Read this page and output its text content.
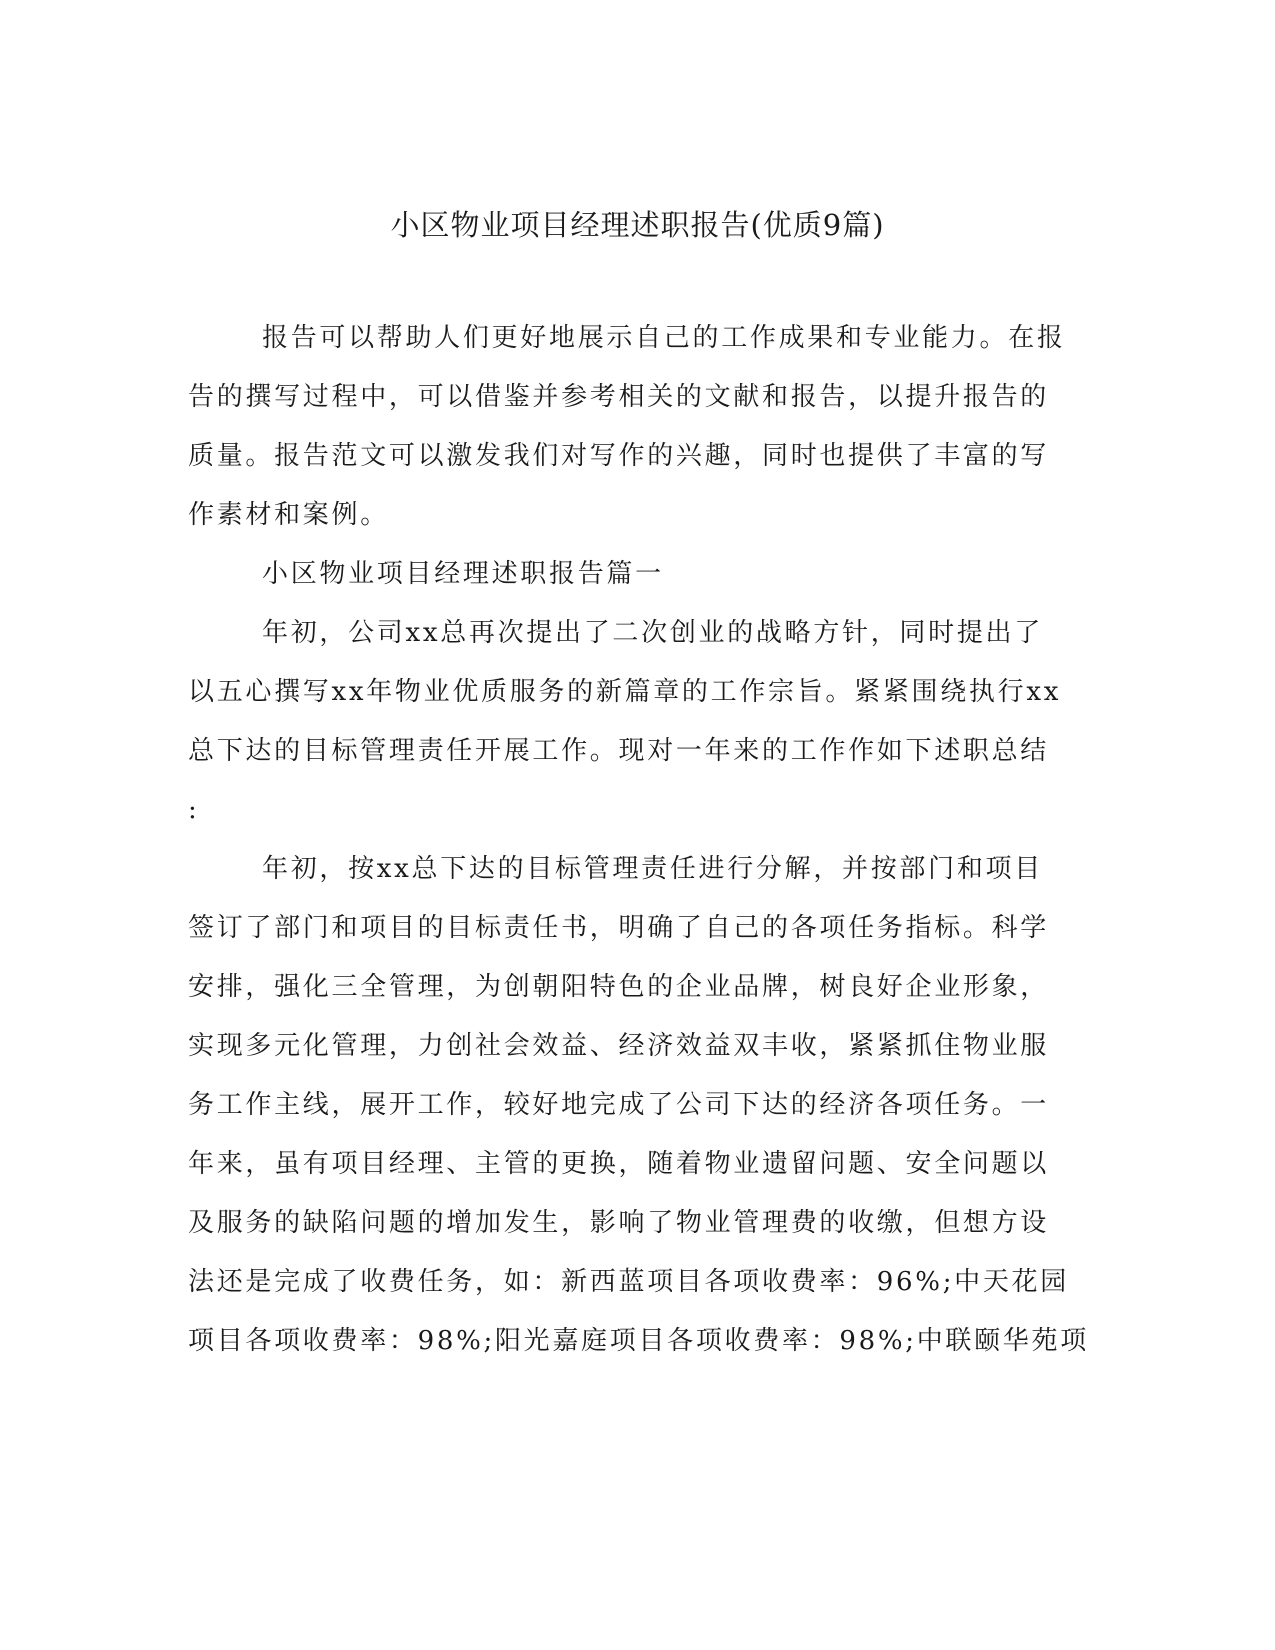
小区物业项目经理述职报告(优质9篇)
报告可以帮助人们更好地展示自己的工作成果和专业能力。在报
告的撰写过程中，可以借鉴并参考相关的文献和报告，以提升报告的
质量。报告范文可以激发我们对写作的兴趣，同时也提供了丰富的写
作素材和案例。
小区物业项目经理述职报告篇一
年初，公司xx总再次提出了二次创业的战略方针，同时提出了
以五心撰写xx年物业优质服务的新篇章的工作宗旨。紧紧围绕执行xx
总下达的目标管理责任开展工作。现对一年来的工作作如下述职总结
:
年初，按xx总下达的目标管理责任进行分解，并按部门和项目
签订了部门和项目的目标责任书，明确了自己的各项任务指标。科学
安排，强化三全管理，为创朝阳特色的企业品牌，树良好企业形象，
实现多元化管理，力创社会效益、经济效益双丰收，紧紧抓住物业服
务工作主线，展开工作，较好地完成了公司下达的经济各项任务。一
年来，虽有项目经理、主管的更换，随着物业遗留问题、安全问题以
及服务的缺陷问题的增加发生，影响了物业管理费的收缴，但想方设
法还是完成了收费任务，如：新西蓝项目各项收费率：96%;中天花园
项目各项收费率：98%;阳光嘉庭项目各项收费率：98%;中联颐华苑项
